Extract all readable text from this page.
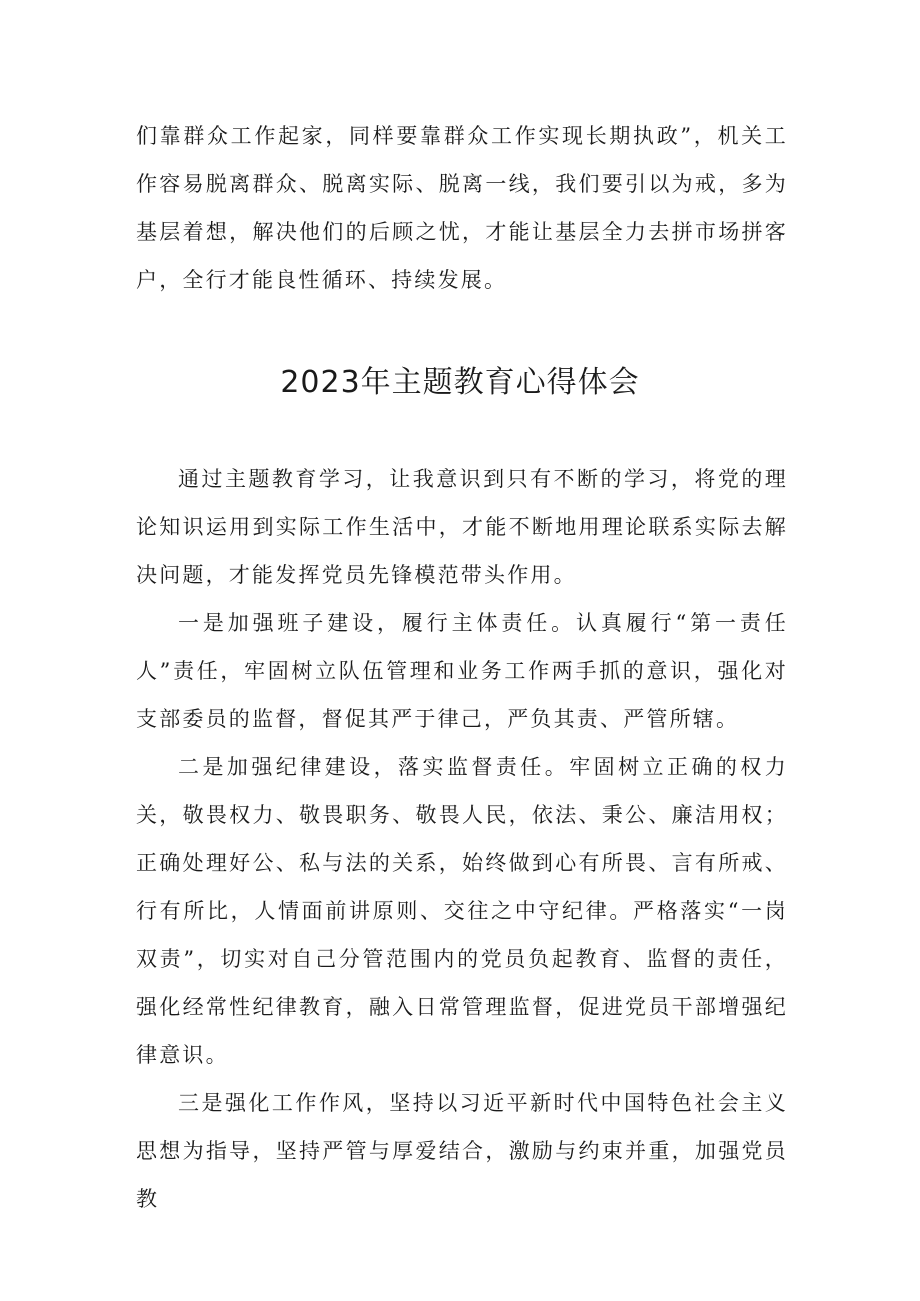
们靠群众工作起家，同样要靠群众工作实现长期执政”，机关工作容易脱离群众、脱离实际、脱离一线，我们要引以为戒，多为基层着想，解决他们的后顾之忧，才能让基层全力去拼市场拼客户，全行才能良性循环、持续发展。

2023年主题教育心得体会

通过主题教育学习，让我意识到只有不断的学习，将党的理论知识运用到实际工作生活中，才能不断地用理论联系实际去解决问题，才能发挥党员先锋模范带头作用。

一是加强班子建设，履行主体责任。认真履行“第一责任人”责任，牢固树立队伍管理和业务工作两手抓的意识，强化对支部委员的监督，督促其严于律己，严负其责、严管所辖。

二是加强纪律建设，落实监督责任。牢固树立正确的权力关，敬畏权力、敬畏职务、敬畏人民，依法、秉公、廉洁用权；正确处理好公、私与法的关系，始终做到心有所畏、言有所戒、行有所比，人情面前讲原则、交往之中守纪律。严格落实“一岗双责”，切实对自己分管范围内的党员负起教育、监督的责任，强化经常性纪律教育，融入日常管理监督，促进党员干部增强纪律意识。

三是强化工作作风，坚持以习近平新时代中国特色社会主义思想为指导，坚持严管与厚爱结合，激励与约束并重，加强党员教
